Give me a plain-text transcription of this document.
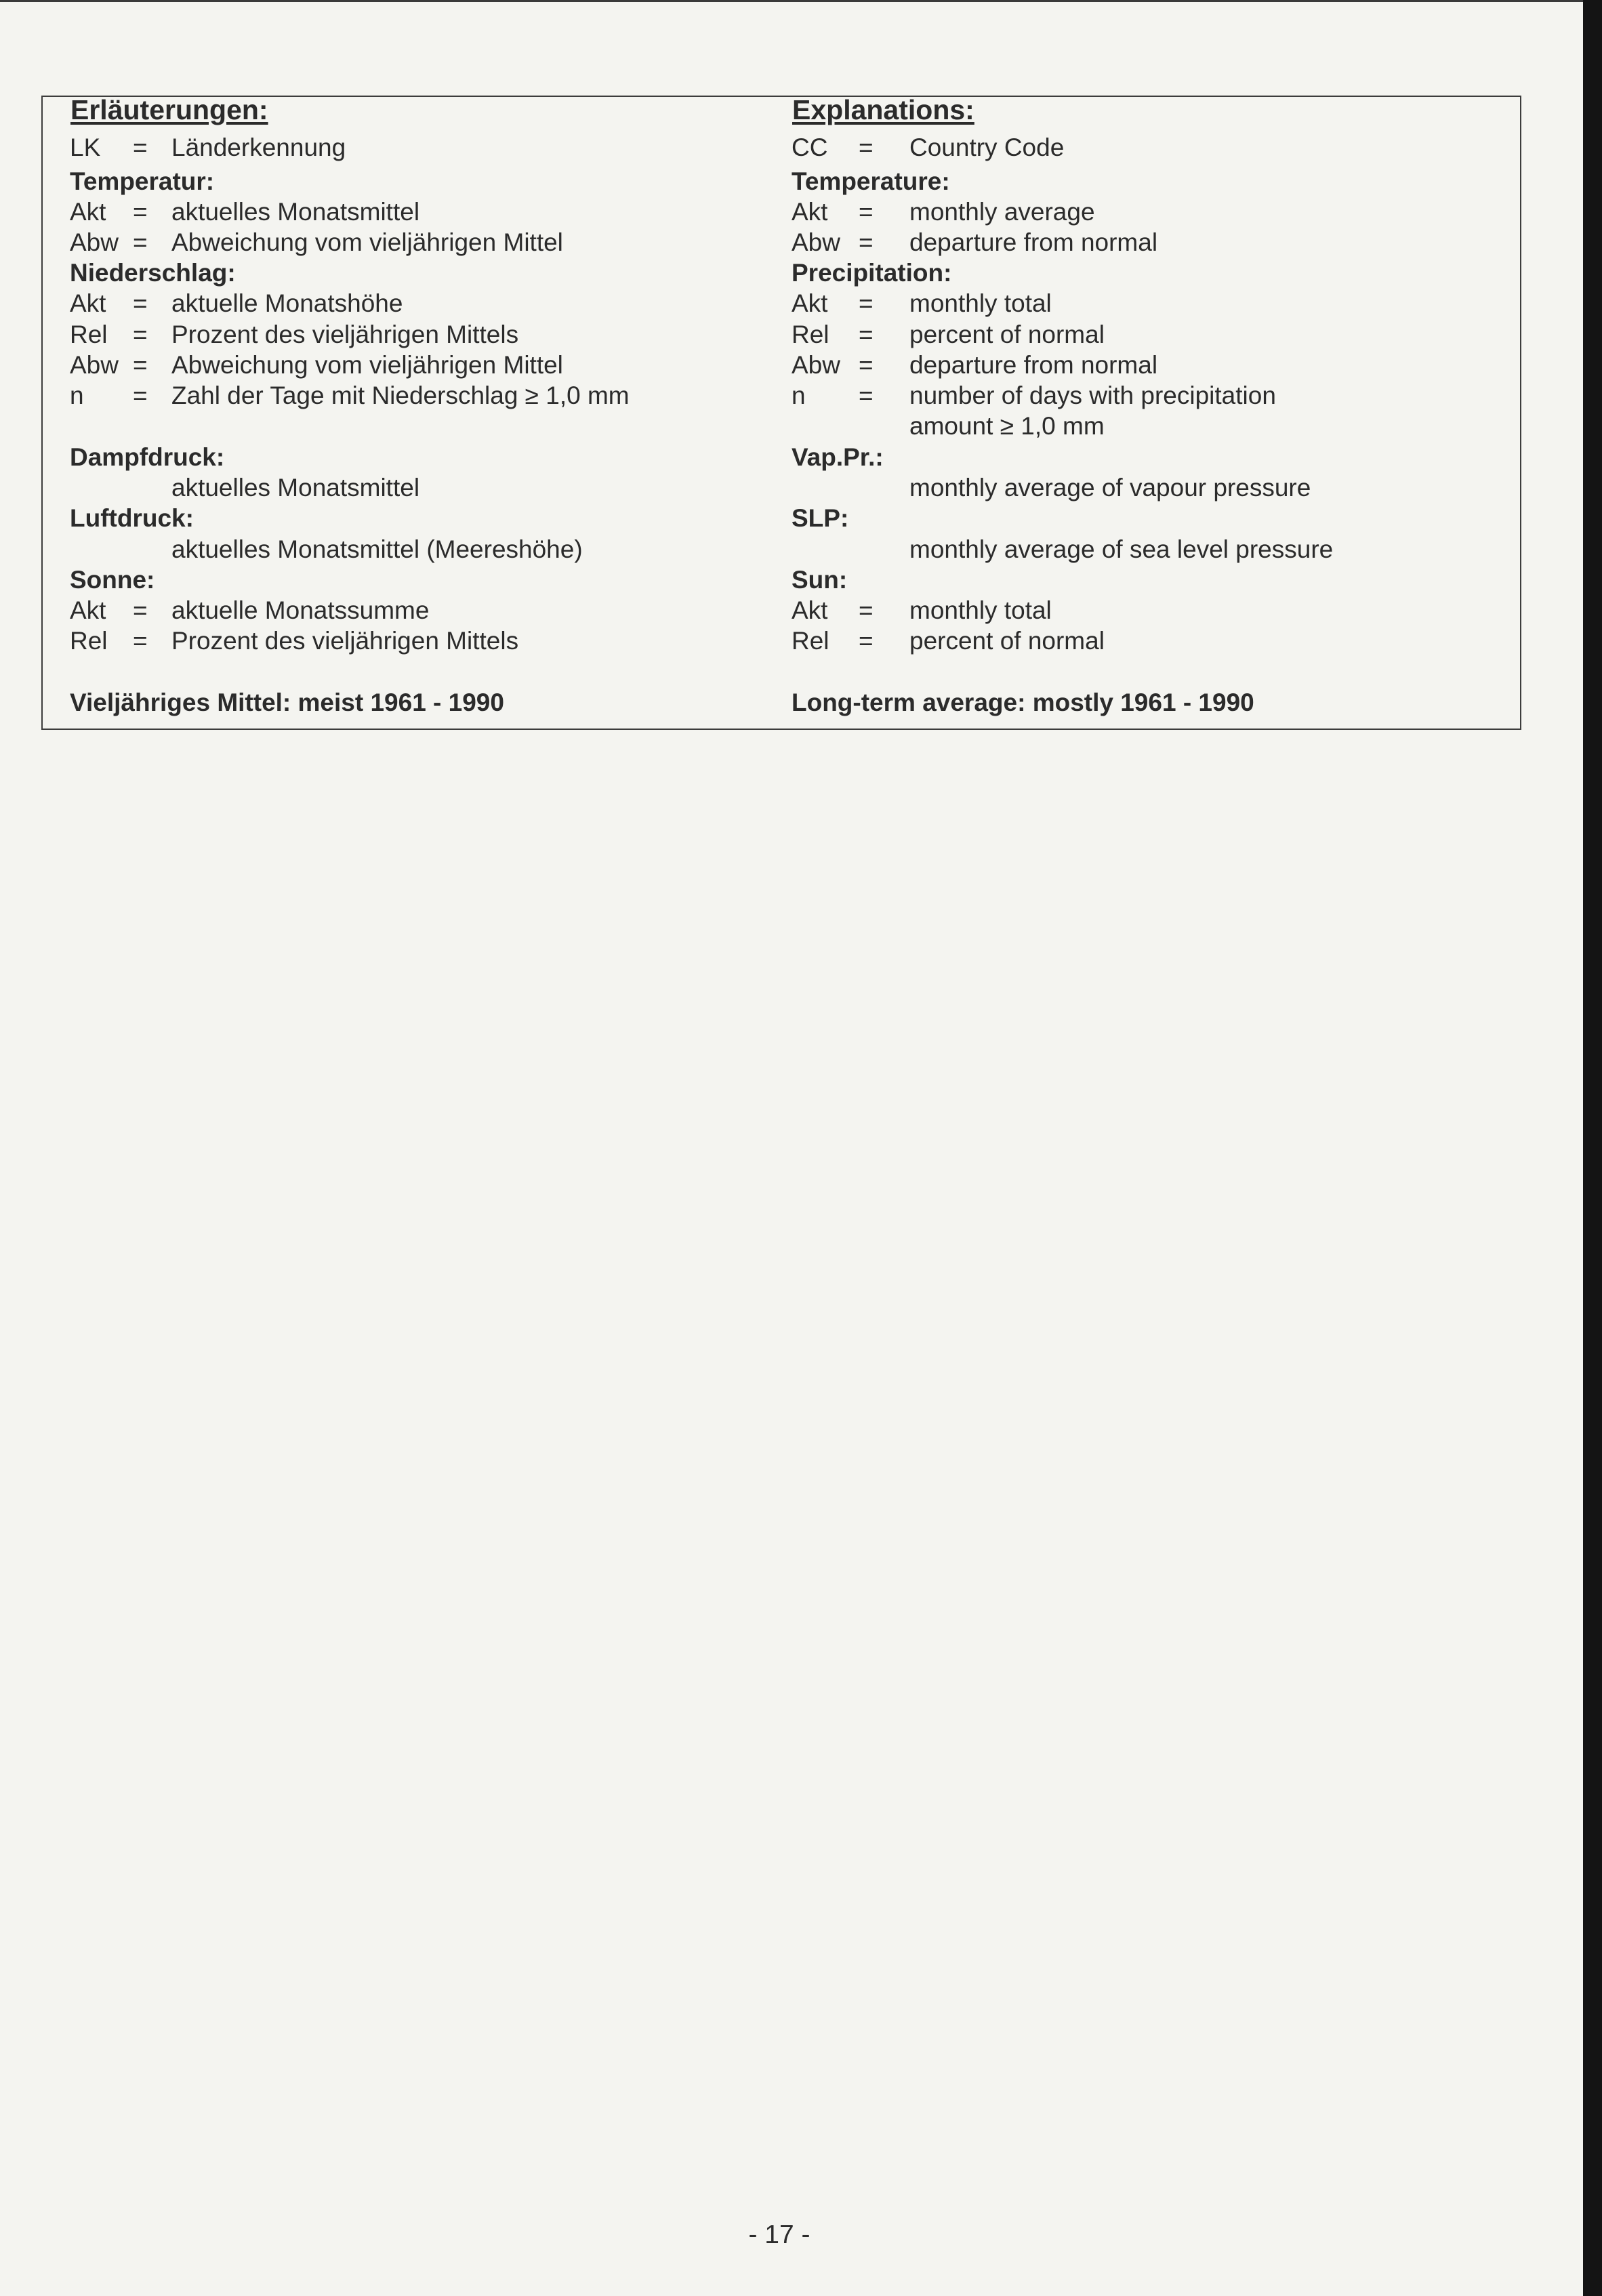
Erläuterungen:
LK = Länderkennung
Temperatur:
Akt = aktuelles Monatsmittel
Abw = Abweichung vom vieljährigen Mittel
Niederschlag:
Akt = aktuelle Monatshöhe
Rel = Prozent des vieljährigen Mittels
Abw = Abweichung vom vieljährigen Mittel
n = Zahl der Tage mit Niederschlag ≥ 1,0 mm
Dampfdruck:
aktuelles Monatsmittel
Luftdruck:
aktuelles Monatsmittel (Meereshöhe)
Sonne:
Akt = aktuelle Monatssumme
Rel = Prozent des vieljährigen Mittels
Vieljähriges Mittel: meist 1961 - 1990
Explanations:
CC = Country Code
Temperature:
Akt = monthly average
Abw = departure from normal
Precipitation:
Akt = monthly total
Rel = percent of normal
Abw = departure from normal
n = number of days with precipitation
amount ≥ 1,0 mm
Vap.Pr.:
monthly average of vapour pressure
SLP:
monthly average of sea level pressure
Sun:
Akt = monthly total
Rel = percent of normal
Long-term average: mostly 1961 - 1990
- 17 -
